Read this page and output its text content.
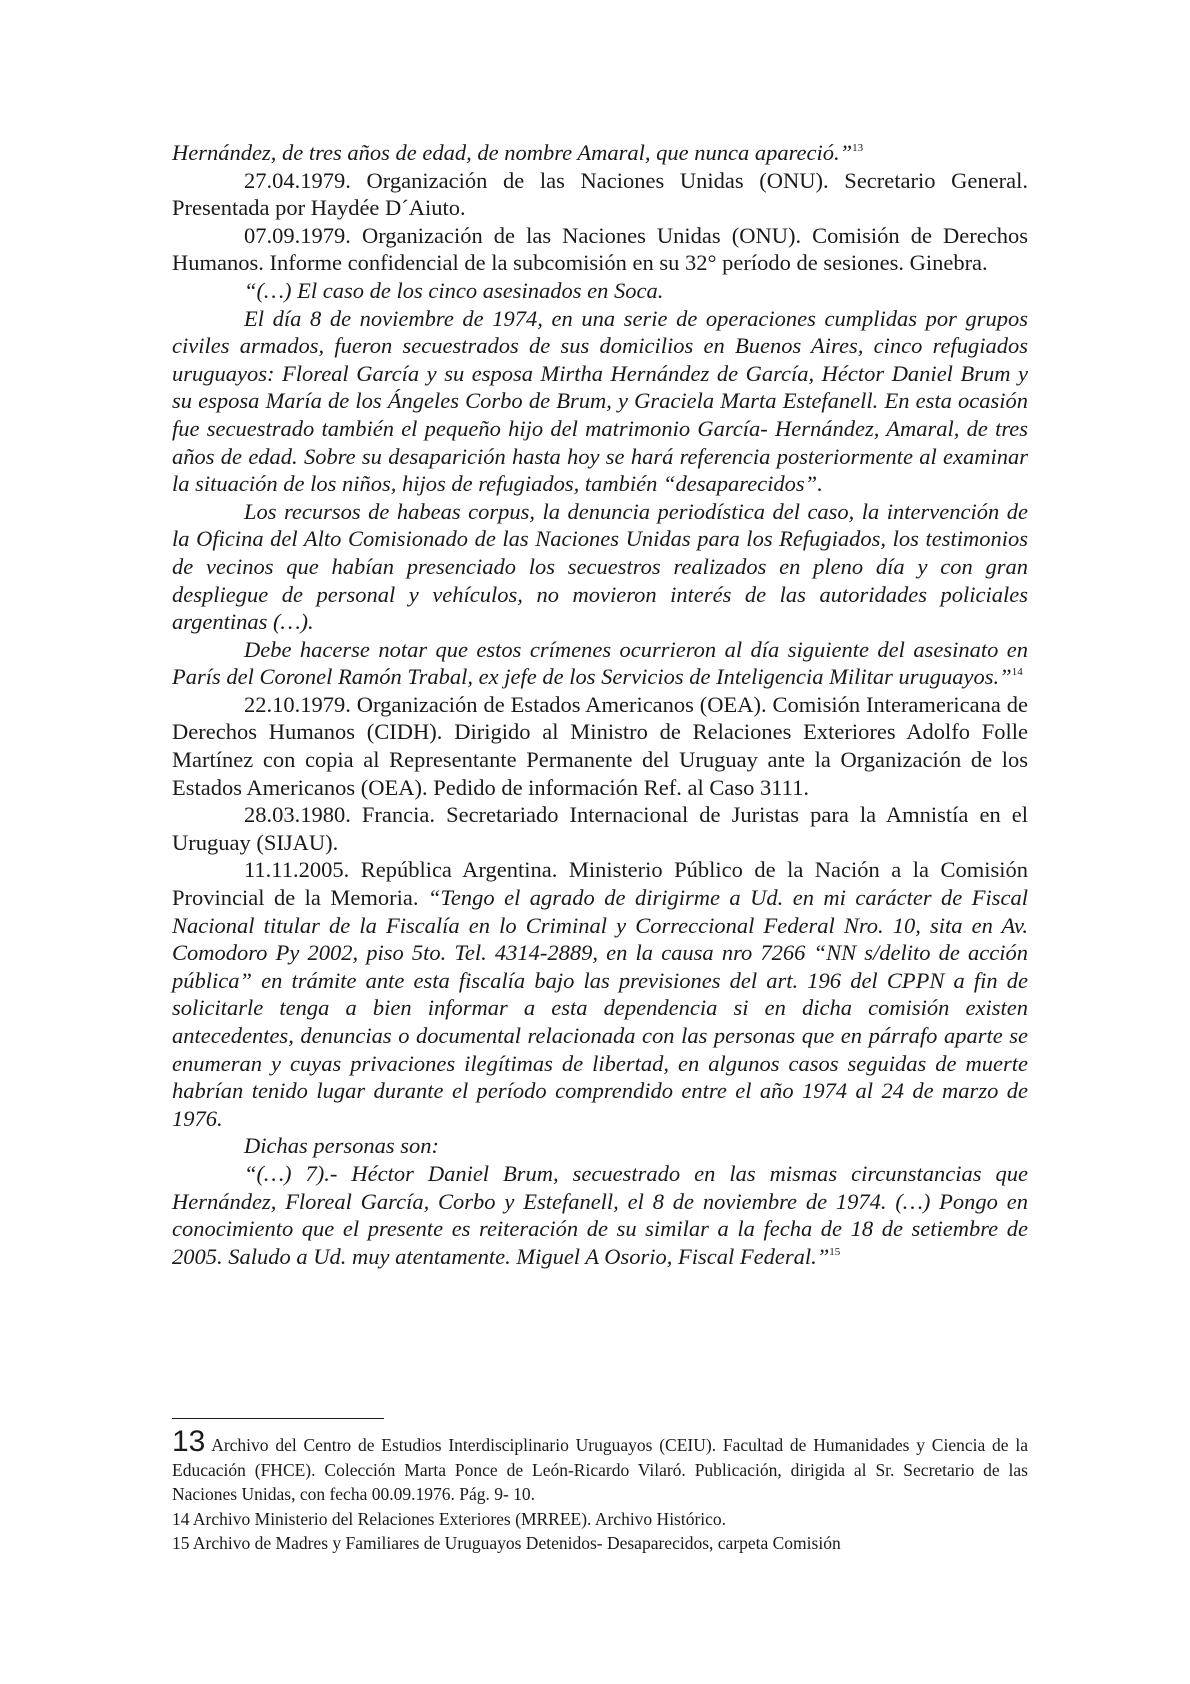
Hernández, de tres años de edad, de nombre Amaral, que nunca apareció.”$^{13}$

27.04.1979. Organización de las Naciones Unidas (ONU). Secretario General. Presentada por Haydée D´Aiuto.

07.09.1979. Organización de las Naciones Unidas (ONU). Comisión de Derechos Humanos. Informe confidencial de la subcomisión en su 32° período de sesiones. Ginebra.

“(…) El caso de los cinco asesinados en Soca.

El día 8 de noviembre de 1974, en una serie de operaciones cumplidas por grupos civiles armados, fueron secuestrados de sus domicilios en Buenos Aires, cinco refugiados uruguayos: Floreal García y su esposa Mirtha Hernández de García, Héctor Daniel Brum y su esposa María de los Ángeles Corbo de Brum, y Graciela Marta Estefanell. En esta ocasión fue secuestrado también el pequeño hijo del matrimonio García- Hernández, Amaral, de tres años de edad. Sobre su desaparición hasta hoy se hará referencia posteriormente al examinar la situación de los niños, hijos de refugiados, también “desaparecidos”.

Los recursos de habeas corpus, la denuncia periodística del caso, la intervención de la Oficina del Alto Comisionado de las Naciones Unidas para los Refugiados, los testimonios de vecinos que habían presenciado los secuestros realizados en pleno día y con gran despliegue de personal y vehículos, no movieron interés de las autoridades policiales argentinas (…).

Debe hacerse notar que estos crímenes ocurrieron al día siguiente del asesinato en París del Coronel Ramón Trabal, ex jefe de los Servicios de Inteligencia Militar uruguayos.”$^{14}$

22.10.1979. Organización de Estados Americanos (OEA). Comisión Interamericana de Derechos Humanos (CIDH). Dirigido al Ministro de Relaciones Exteriores Adolfo Folle Martínez con copia al Representante Permanente del Uruguay ante la Organización de los Estados Americanos (OEA). Pedido de información Ref. al Caso 3111.

28.03.1980. Francia. Secretariado Internacional de Juristas para la Amnistía en el Uruguay (SIJAU).

11.11.2005. República Argentina. Ministerio Público de la Nación a la Comisión Provincial de la Memoria. “Tengo el agrado de dirigirme a Ud. en mi carácter de Fiscal Nacional titular de la Fiscalía en lo Criminal y Correccional Federal Nro. 10, sita en Av. Comodoro Py 2002, piso 5to. Tel. 4314-2889, en la causa nro 7266 “NN s/delito de acción pública” en trámite ante esta fiscalía bajo las previsiones del art. 196 del CPPN a fin de solicitarle tenga a bien informar a esta dependencia si en dicha comisión existen antecedentes, denuncias o documental relacionada con las personas que en párrafo aparte se enumeran y cuyas privaciones ilegítimas de libertad, en algunos casos seguidas de muerte habrían tenido lugar durante el período comprendido entre el año 1974 al 24 de marzo de 1976.

Dichas personas son:

“(…) 7).- Héctor Daniel Brum, secuestrado en las mismas circunstancias que Hernández, Floreal García, Corbo y Estefanell, el 8 de noviembre de 1974. (…) Pongo en conocimiento que el presente es reiteración de su similar a la fecha de 18 de setiembre de 2005. Saludo a Ud. muy atentamente. Miguel A Osorio, Fiscal Federal.”$^{15}$

13 Archivo del Centro de Estudios Interdisciplinario Uruguayos (CEIU). Facultad de Humanidades y Ciencia de la Educación (FHCE). Colección Marta Ponce de León-Ricardo Vilaró. Publicación, dirigida al Sr. Secretario de las Naciones Unidas, con fecha 00.09.1976. Pág. 9- 10.

14 Archivo Ministerio del Relaciones Exteriores (MRREE). Archivo Histórico.

15 Archivo de Madres y Familiares de Uruguayos Detenidos- Desaparecidos, carpeta Comisión
